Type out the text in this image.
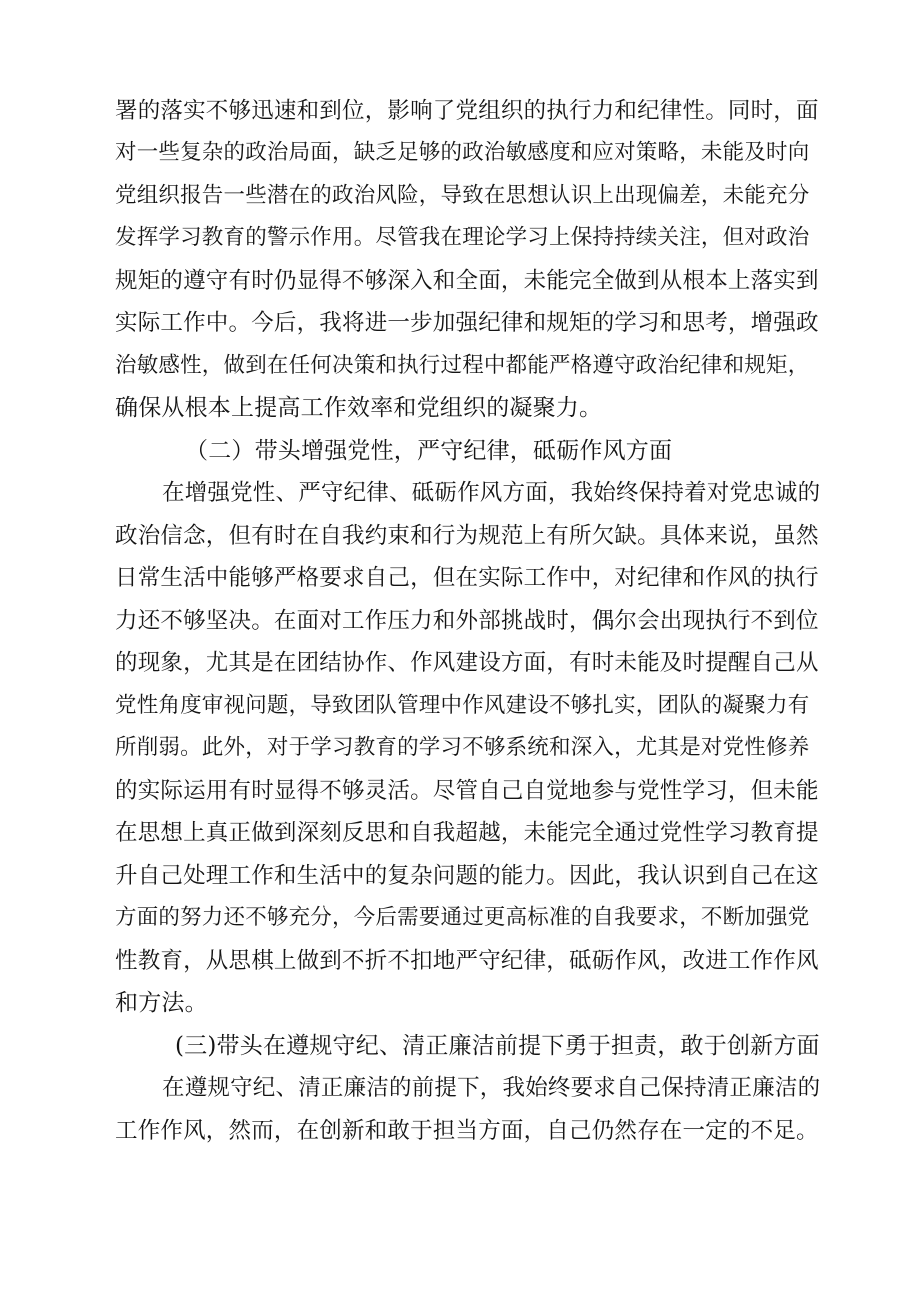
署的落实不够迅速和到位，影响了党组织的执行力和纪律性。同时，面
对一些复杂的政治局面，缺乏足够的政治敏感度和应对策略，未能及时向
党组织报告一些潜在的政治风险，导致在思想认识上出现偏差，未能充分
发挥学习教育的警示作用。尽管我在理论学习上保持持续关注，但对政治
规矩的遵守有时仍显得不够深入和全面，未能完全做到从根本上落实到
实际工作中。今后，我将进一步加强纪律和规矩的学习和思考，增强政
治敏感性，做到在任何决策和执行过程中都能严格遵守政治纪律和规矩，
确保从根本上提高工作效率和党组织的凝聚力。
（二）带头增强党性，严守纪律，砥砺作风方面
在增强党性、严守纪律、砥砺作风方面，我始终保持着对党忠诚的
政治信念，但有时在自我约束和行为规范上有所欠缺。具体来说，虽然
日常生活中能够严格要求自己，但在实际工作中，对纪律和作风的执行
力还不够坚决。在面对工作压力和外部挑战时，偶尔会出现执行不到位
的现象，尤其是在团结协作、作风建设方面，有时未能及时提醒自己从
党性角度审视问题，导致团队管理中作风建设不够扎实，团队的凝聚力有
所削弱。此外，对于学习教育的学习不够系统和深入，尤其是对党性修养
的实际运用有时显得不够灵活。尽管自己自觉地参与党性学习，但未能
在思想上真正做到深刻反思和自我超越，未能完全通过党性学习教育提
升自己处理工作和生活中的复杂问题的能力。因此，我认识到自己在这
方面的努力还不够充分，今后需要通过更高标准的自我要求，不断加强党
性教育，从思棋上做到不折不扣地严守纪律，砥砺作风，改进工作作风
和方法。
(三)带头在遵规守纪、清正廉洁前提下勇于担责，敢于创新方面
在遵规守纪、清正廉洁的前提下，我始终要求自己保持清正廉洁的
工作作风，然而，在创新和敢于担当方面，自己仍然存在一定的不足。
